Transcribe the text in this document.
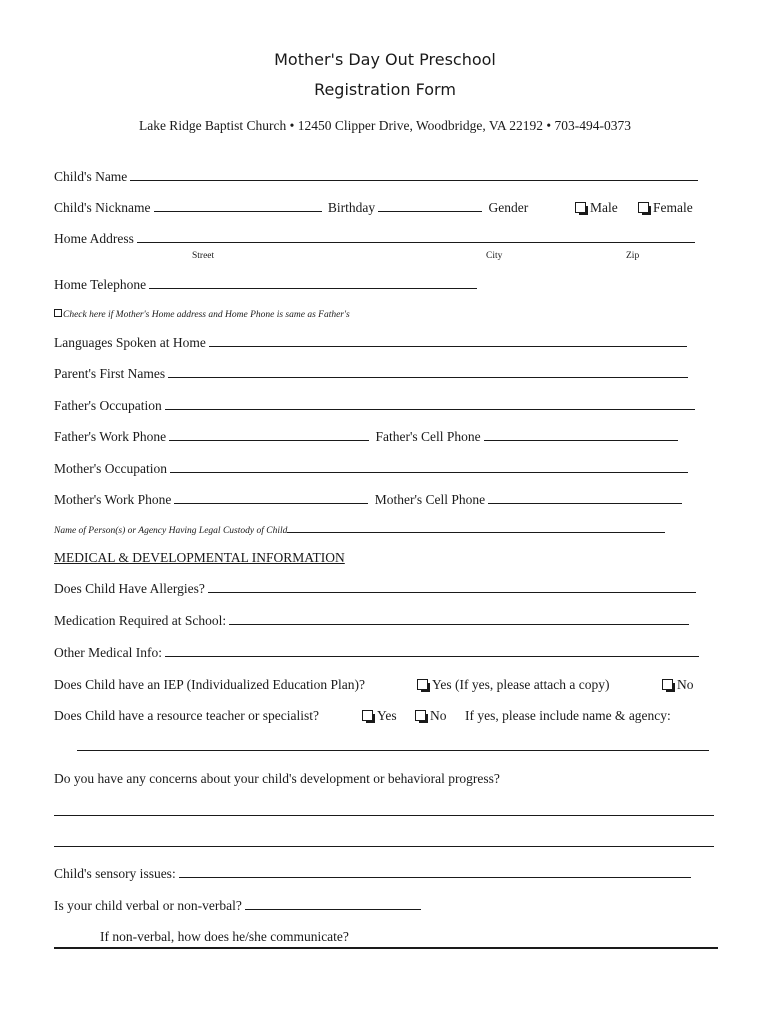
Mother's Day Out Preschool
Registration Form
Lake Ridge Baptist Church • 12450 Clipper Drive, Woodbridge, VA 22192 • 703-494-0373
Child's Name
Child's Nickname	Birthday	Gender	Male	Female
Home Address
Street	City	Zip
Home Telephone
Check here if Mother's Home address and Home Phone is same as Father's
Languages Spoken at Home
Parent's First Names
Father's Occupation
Father's Work Phone	Father's Cell Phone
Mother's Occupation
Mother's Work Phone	Mother's Cell Phone
Name of Person(s) or Agency Having Legal Custody of Child
MEDICAL & DEVELOPMENTAL INFORMATION
Does Child Have Allergies?
Medication Required at School:
Other Medical Info:
Does Child have an IEP (Individualized Education Plan)?	Yes (If yes, please attach a copy)	No
Does Child have a resource teacher or specialist?	Yes	No If yes, please include name & agency:
Do you have any concerns about your child's development or behavioral progress?
Child's sensory issues:
Is your child verbal or non-verbal?
If non-verbal, how does he/she communicate?
